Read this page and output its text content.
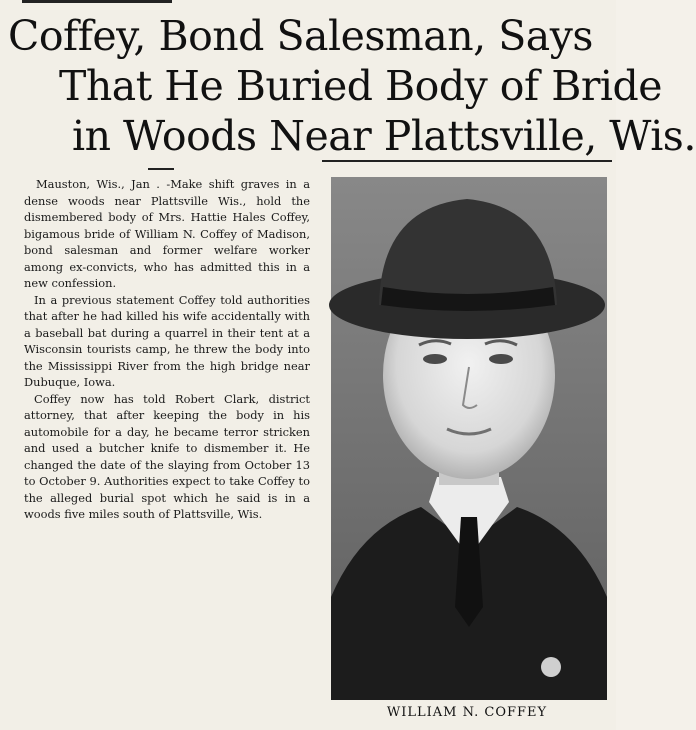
Coffey, Bond Salesman, Says
That He Buried Body of Bride
in Woods Near Plattsville, Wis.

Mauston, Wis., Jan . -Make shift graves in a dense woods near Plattsville Wis., hold the dismembered body of Mrs. Hattie Hales Coffey, bigamous bride of William N. Coffey of Madison, bond salesman and former welfare worker among ex-convicts, who has admitted this in a new confession.

In a previous statement Coffey told authorities that after he had killed his wife accidentally with a baseball bat during a quarrel in their tent at a Wisconsin tourists camp, he threw the body into the Mississippi River from the high bridge near Dubuque, Iowa.

Coffey now has told Robert Clark, district attorney, that after keeping the body in his automobile for a day, he became terror stricken and used a butcher knife to dismember it. He changed the date of the slaying from October 13 to October 9. Authorities expect to take Coffey to the alleged burial spot which he said is in a woods five miles south of Plattsville, Wis.

WILLIAM N. COFFEY
